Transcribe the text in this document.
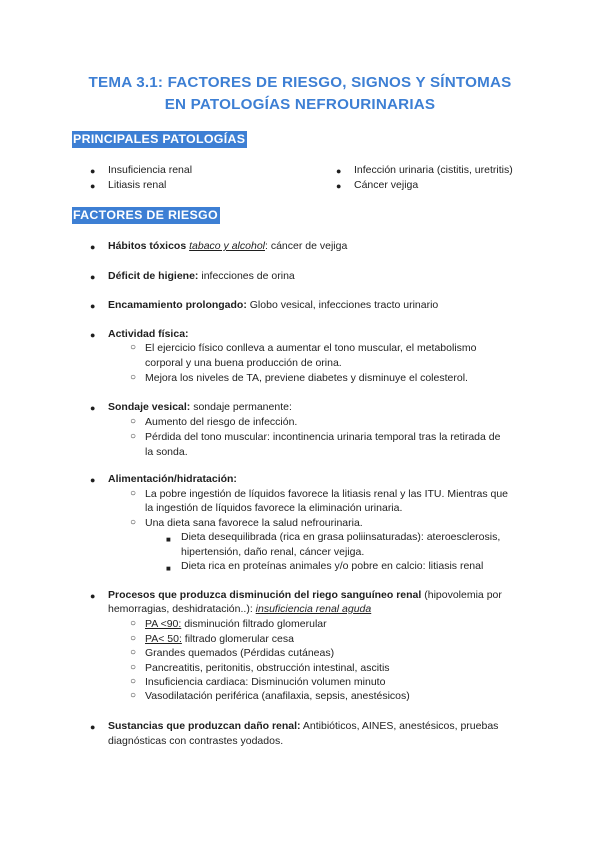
TEMA 3.1: FACTORES DE RIESGO, SIGNOS Y SÍNTOMAS
EN PATOLOGÍAS NEFROURINARIAS
PRINCIPALES PATOLOGÍAS
● Insuficiencia renal
● Litiasis renal
● Infección urinaria (cistitis, uretritis)
● Cáncer vejiga
FACTORES DE RIESGO
● Hábitos tóxicos tabaco y alcohol: cáncer de vejiga
● Déficit de higiene: infecciones de orina
● Encamamiento prolongado: Globo vesical, infecciones tracto urinario
● Actividad física:
○ El ejercicio físico conlleva a aumentar el tono muscular, el metabolismo
corporal y una buena producción de orina.
○ Mejora los niveles de TA, previene diabetes y disminuye el colesterol.
● Sondaje vesical: sondaje permanente:
○ Aumento del riesgo de infección.
○ Pérdida del tono muscular: incontinencia urinaria temporal tras la retirada de
la sonda.
● Alimentación/hidratación:
○ La pobre ingestión de líquidos favorece la litiasis renal y las ITU. Mientras que
la ingestión de líquidos favorece la eliminación urinaria.
○ Una dieta sana favorece la salud nefrourinaria.
■ Dieta desequilibrada (rica en grasa poliinsaturadas): ateroesclerosis,
hipertensión, daño renal, cáncer vejiga.
■ Dieta rica en proteínas animales y/o pobre en calcio: litiasis renal
● Procesos que produzca disminución del riego sanguíneo renal (hipovolemia por
hemorragias, deshidratación..): insuficiencia renal aguda
○ PA <90: disminución filtrado glomerular
○ PA< 50: filtrado glomerular cesa
○ Grandes quemados (Pérdidas cutáneas)
○ Pancreatitis, peritonitis, obstrucción intestinal, ascitis
○ Insuficiencia cardiaca: Disminución volumen minuto
○ Vasodilatación periférica (anafilaxia, sepsis, anestésicos)
● Sustancias que produzcan daño renal: Antibióticos, AINES, anestésicos, pruebas
diagnósticas con contrastes yodados.
